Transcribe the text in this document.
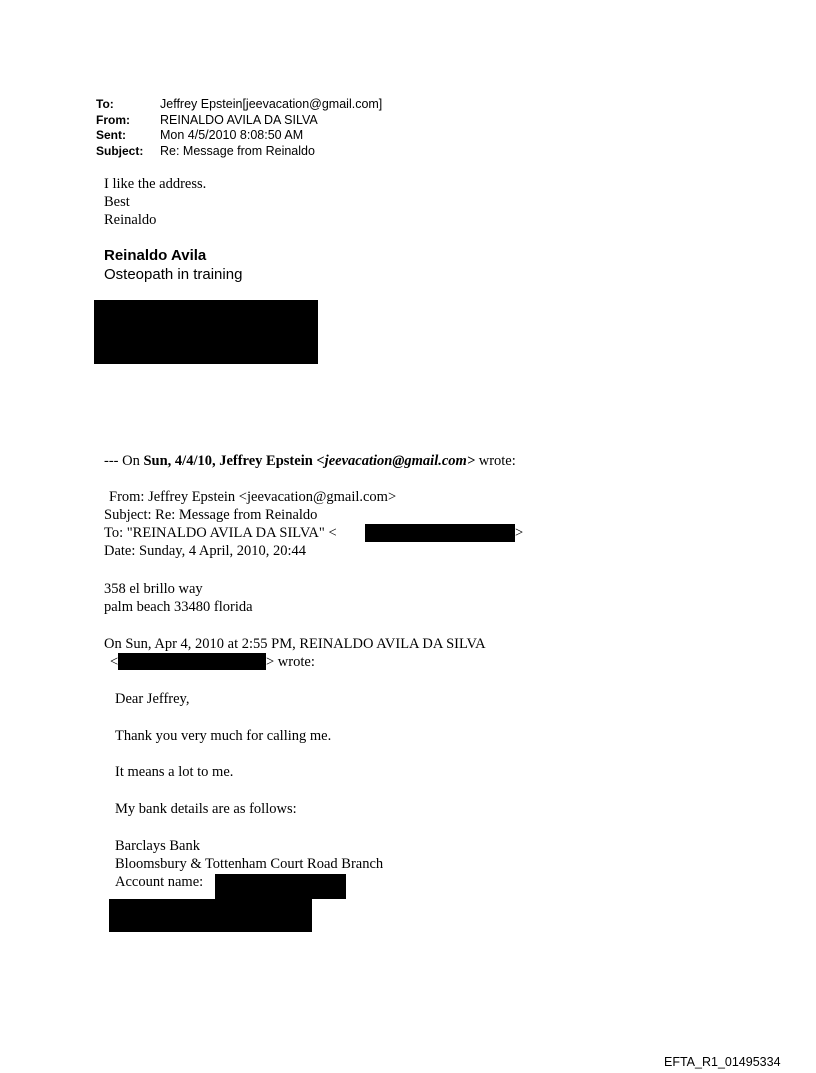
To:	Jeffrey Epstein[jeevacation@gmail.com]
From: REINALDO AVILA DA SILVA
Sent:	Mon 4/5/2010 8:08:50 AM
Subject: Re: Message from Reinaldo
I like the address.
Best
Reinaldo
Reinaldo Avila
Osteopath in training
--- On Sun, 4/4/10, Jeffrey Epstein <jeevacation@gmail.com> wrote:
From: Jeffrey Epstein <jeevacation@gmail.com>
Subject: Re: Message from Reinaldo
To: "REINALDO AVILA DA SILVA" <	>
Date: Sunday, 4 April, 2010, 20:44
358 el brillo way
palm beach 33480 florida
On Sun, Apr 4, 2010 at 2:55 PM, REINALDO AVILA DA SILVA
<	> wrote:
Dear Jeffrey,
Thank you very much for calling me.
It means a lot to me.
My bank details are as follows:
Barclays Bank
Bloomsbury & Tottenham Court Road Branch
Account name:
EFTA_R1_01495334
